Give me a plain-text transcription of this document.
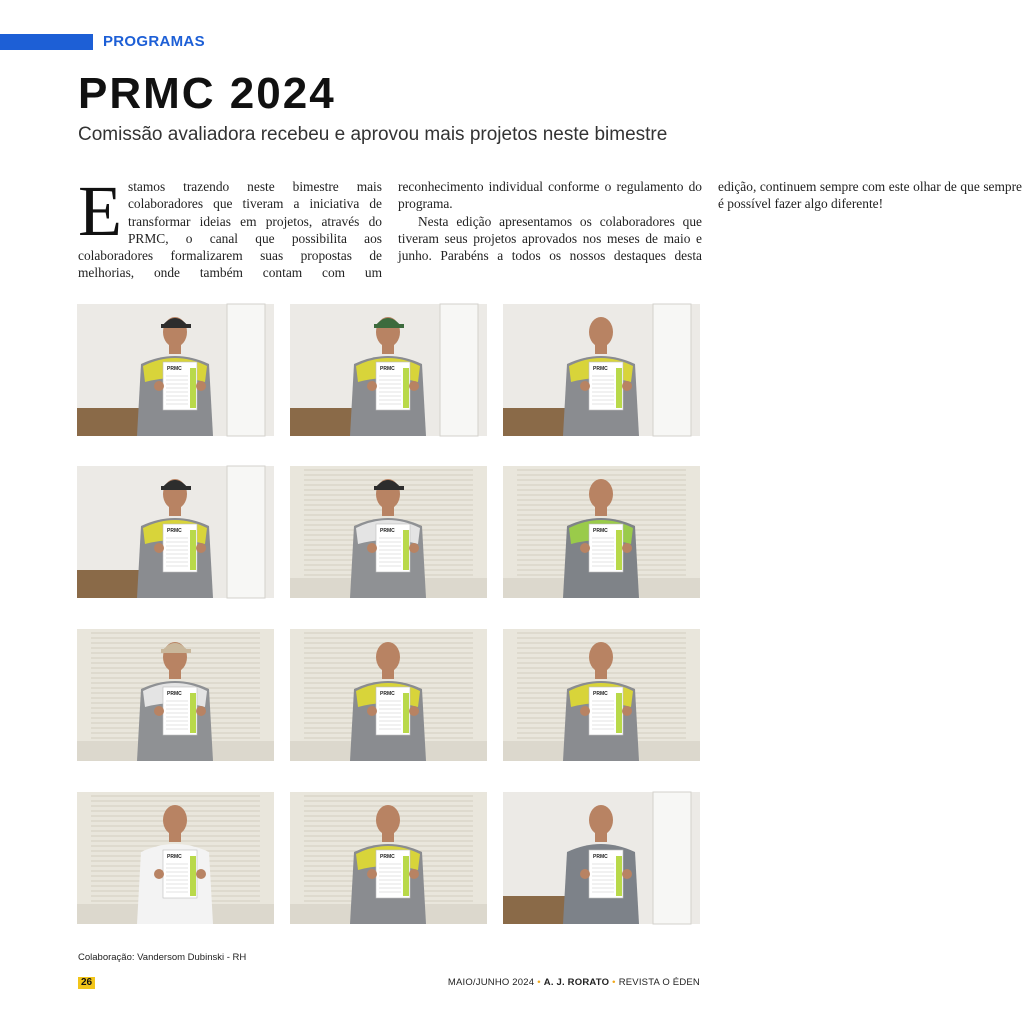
PROGRAMAS
PRMC 2024
Comissão avaliadora recebeu e aprovou mais projetos neste bimestre

Estamos trazendo neste bimestre mais colaboradores que tiveram a iniciativa de transformar ideias em projetos, através do PRMC, o canal que possibilita aos colaboradores formalizarem suas propostas de melhorias, onde também contam com um reconhecimento individual conforme o regulamento do programa.

Nesta edição apresentamos os colaboradores que tiveram seus projetos aprovados nos meses de maio e junho. Parabéns a todos os nossos destaques desta edição, continuem sempre com este olhar de que sempre é possível fazer algo diferente!

PRMC	PRMC	PRMC
PRMC	PRMC	PRMC
PRMC	PRMC	PRMC
PRMC	PRMC	PRMC
Colaboração: Vandersom Dubinski - RH
26	MAIO/JUNHO 2024 • A. J. RORATO • REVISTA O ÉDEN
